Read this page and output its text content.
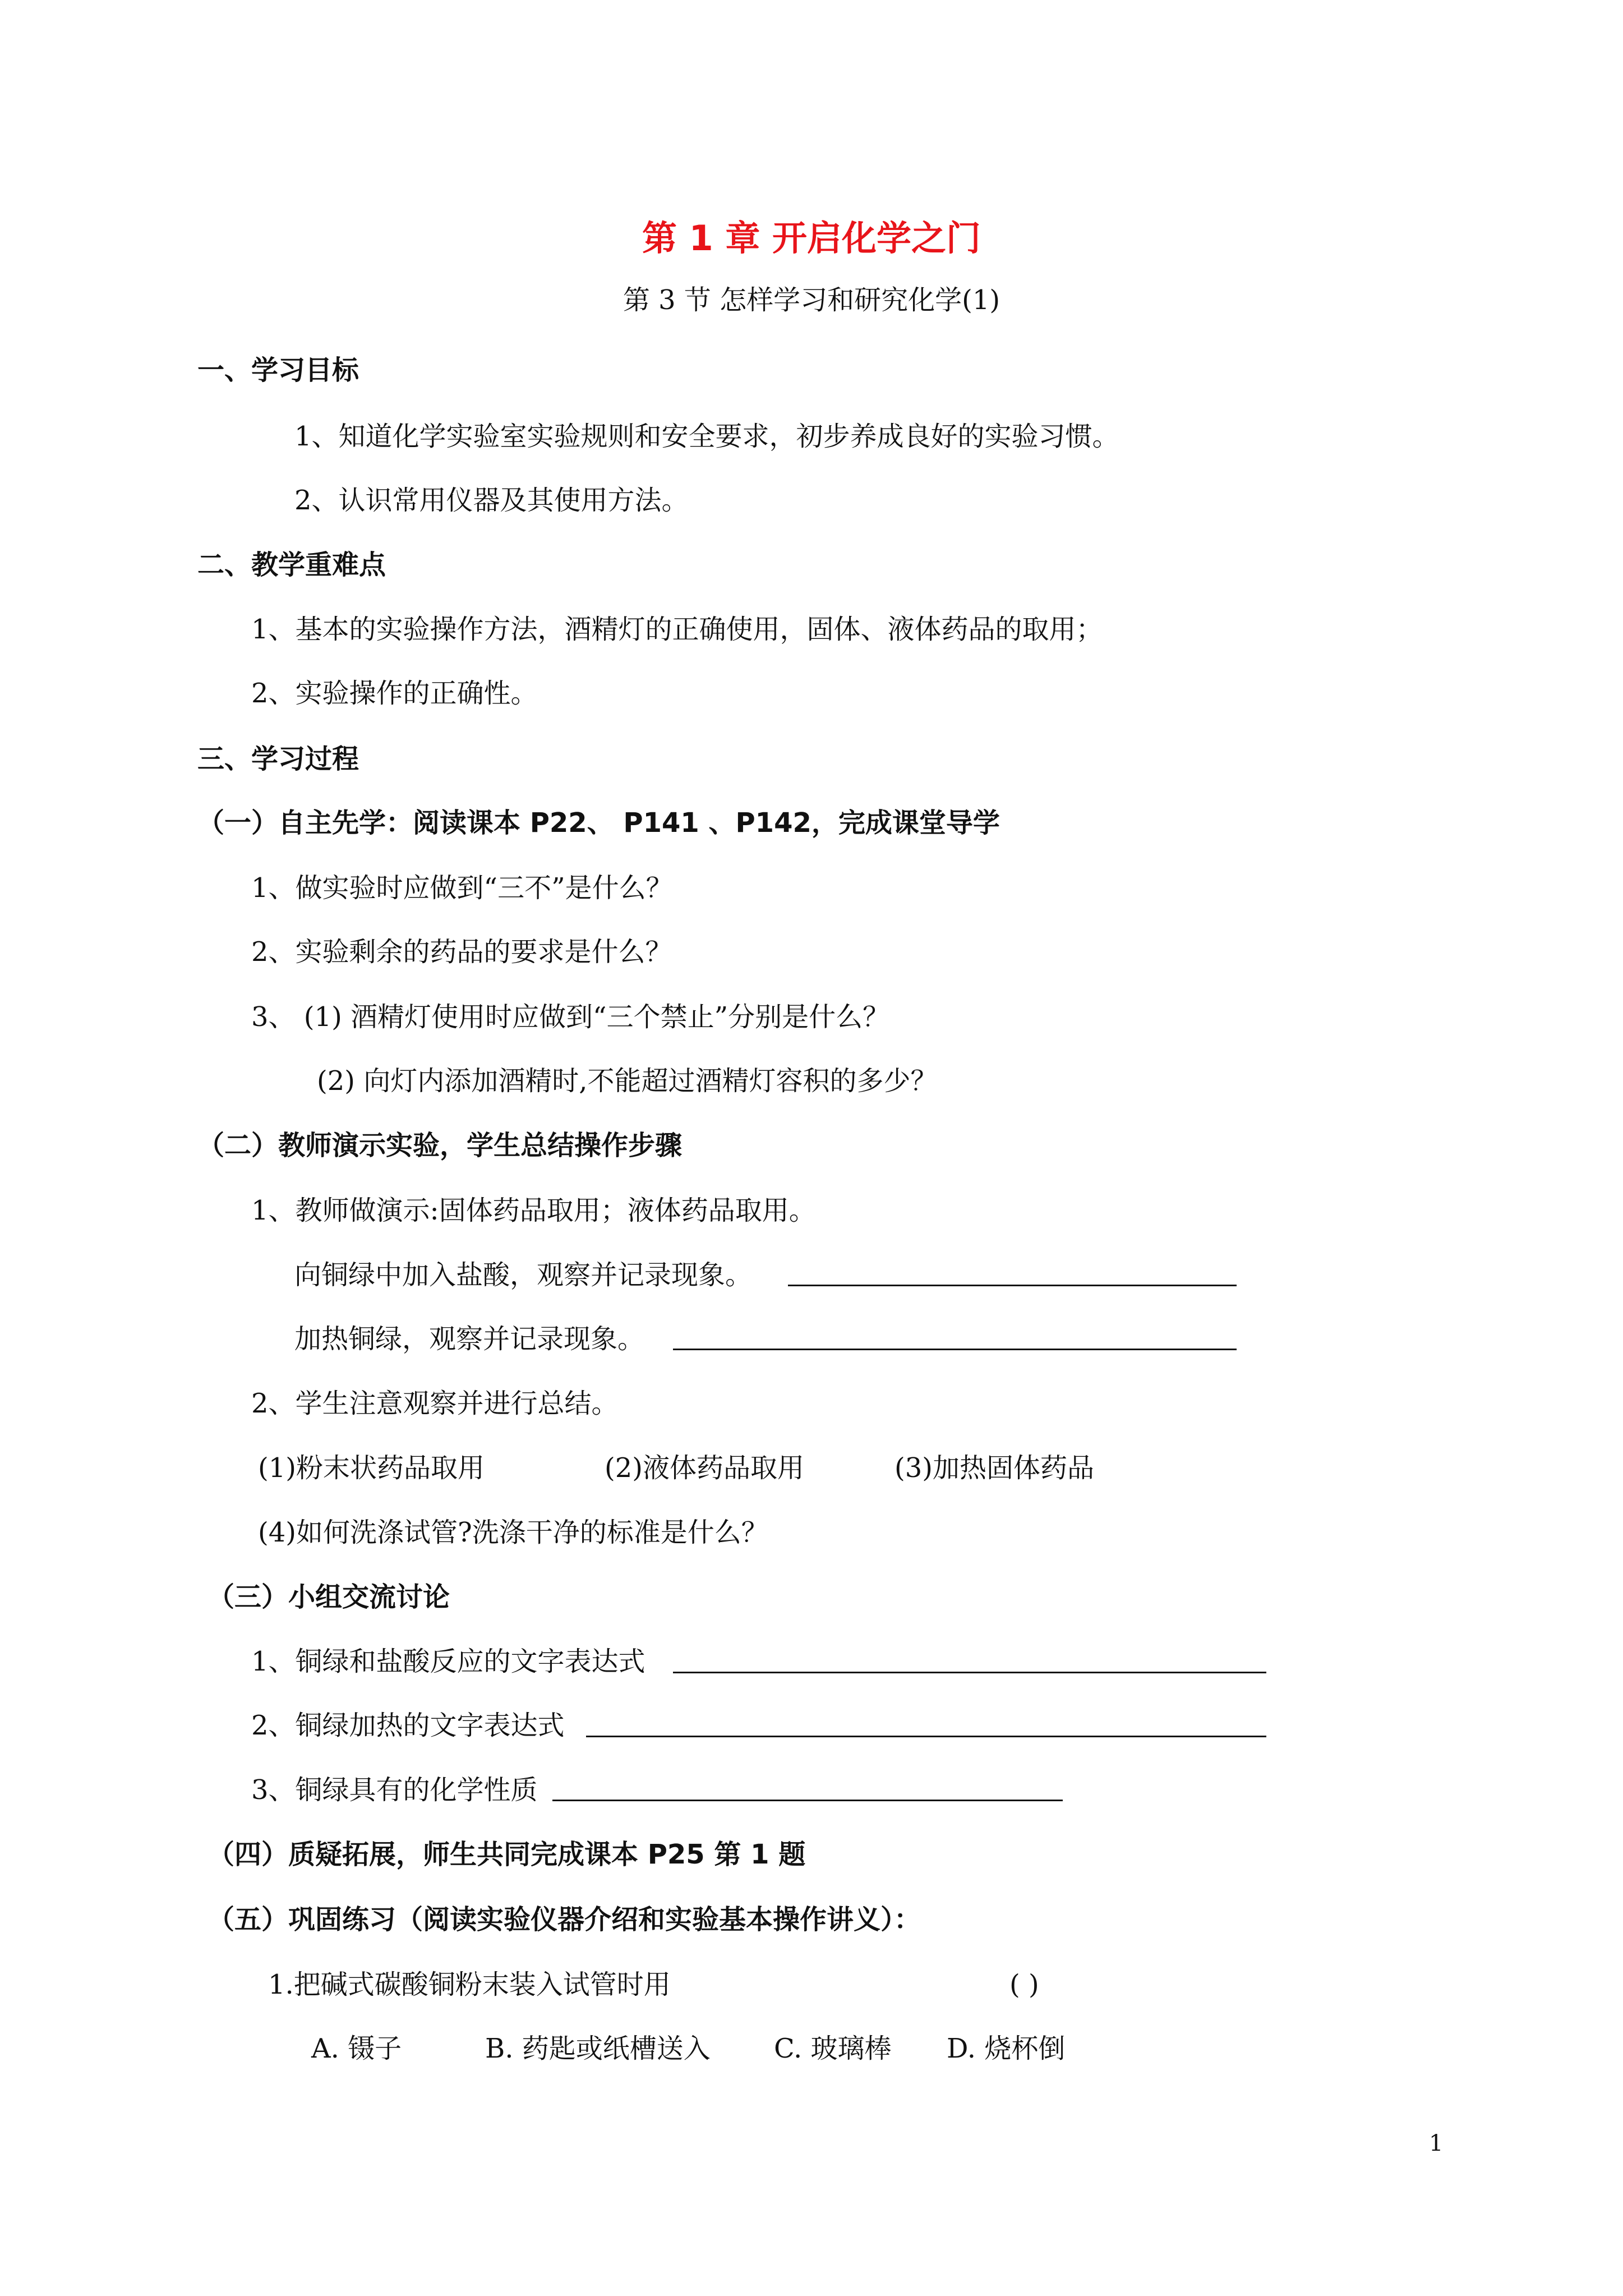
第 1 章 开启化学之门
第 3 节 怎样学习和研究化学(1)
一、学习目标
1、知道化学实验室实验规则和安全要求，初步养成良好的实验习惯。
2、认识常用仪器及其使用方法。
二、教学重难点
1、基本的实验操作方法，酒精灯的正确使用，固体、液体药品的取用；
2、实验操作的正确性。
三、学习过程
（一）自主先学：阅读课本 P22、 P141 、P142，完成课堂导学
1、做实验时应做到“三不”是什么？
2、实验剩余的药品的要求是什么？
3、 (1) 酒精灯使用时应做到“三个禁止”分别是什么？
(2) 向灯内添加酒精时,不能超过酒精灯容积的多少？
（二）教师演示实验，学生总结操作步骤
1、教师做演示:固体药品取用；液体药品取用。
向铜绿中加入盐酸，观察并记录现象。
加热铜绿，观察并记录现象。
2、学生注意观察并进行总结。
(1)粉末状药品取用	(2)液体药品取用	(3)加热固体药品
(4)如何洗涤试管?洗涤干净的标准是什么？
（三）小组交流讨论
1、铜绿和盐酸反应的文字表达式
2、铜绿加热的文字表达式
3、铜绿具有的化学性质
（四）质疑拓展，师生共同完成课本 P25 第 1 题
（五）巩固练习（阅读实验仪器介绍和实验基本操作讲义）：
1.把碱式碳酸铜粉末装入试管时用	( )
A. 镊子	B. 药匙或纸槽送入 C. 玻璃棒 D. 烧杯倒
1
